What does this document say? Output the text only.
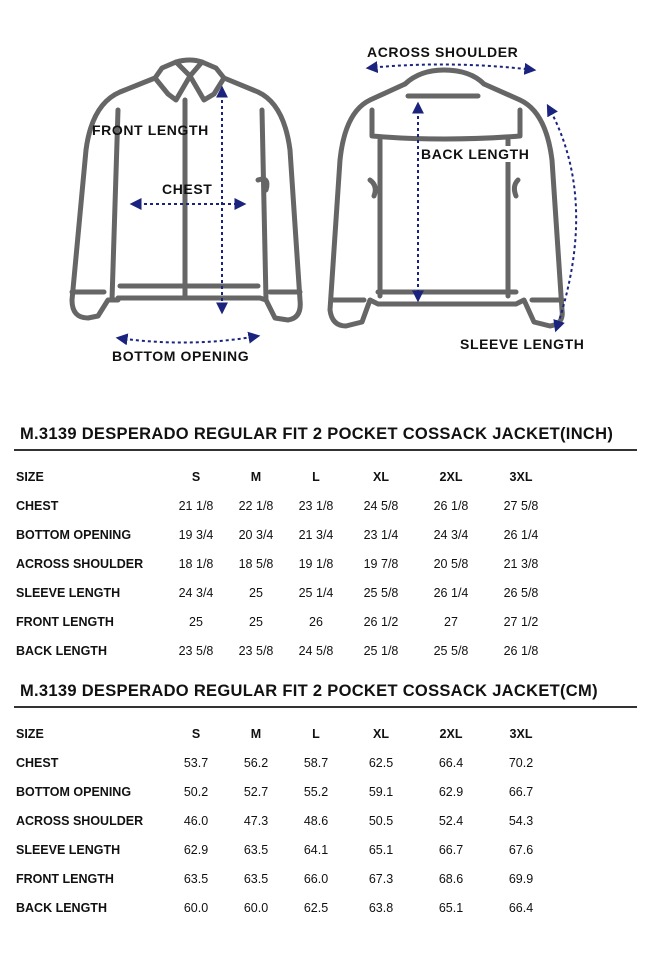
FRONT LENGTH
CHEST
BOTTOM OPENING
ACROSS SHOULDER
BACK LENGTH
SLEEVE LENGTH
M.3139 DESPERADO REGULAR FIT 2 POCKET COSSACK JACKET(INCH)
SIZE	S	M	L	XL	2XL	3XL
CHEST	21 1/8	22 1/8	23 1/8	24 5/8	26 1/8	27 5/8
BOTTOM OPENING	19 3/4	20 3/4	21 3/4	23 1/4	24 3/4	26 1/4
ACROSS SHOULDER	18 1/8	18 5/8	19 1/8	19 7/8	20 5/8	21 3/8
SLEEVE LENGTH	24 3/4	25	25 1/4	25 5/8	26 1/4	26 5/8
FRONT LENGTH	25	25	26	26 1/2	27	27 1/2
BACK LENGTH	23 5/8	23 5/8	24 5/8	25 1/8	25 5/8	26 1/8
M.3139 DESPERADO REGULAR FIT 2 POCKET COSSACK JACKET(CM)
SIZE	S	M	L	XL	2XL	3XL
CHEST	53.7	56.2	58.7	62.5	66.4	70.2
BOTTOM OPENING	50.2	52.7	55.2	59.1	62.9	66.7
ACROSS SHOULDER	46.0	47.3	48.6	50.5	52.4	54.3
SLEEVE LENGTH	62.9	63.5	64.1	65.1	66.7	67.6
FRONT LENGTH	63.5	63.5	66.0	67.3	68.6	69.9
BACK LENGTH	60.0	60.0	62.5	63.8	65.1	66.4
